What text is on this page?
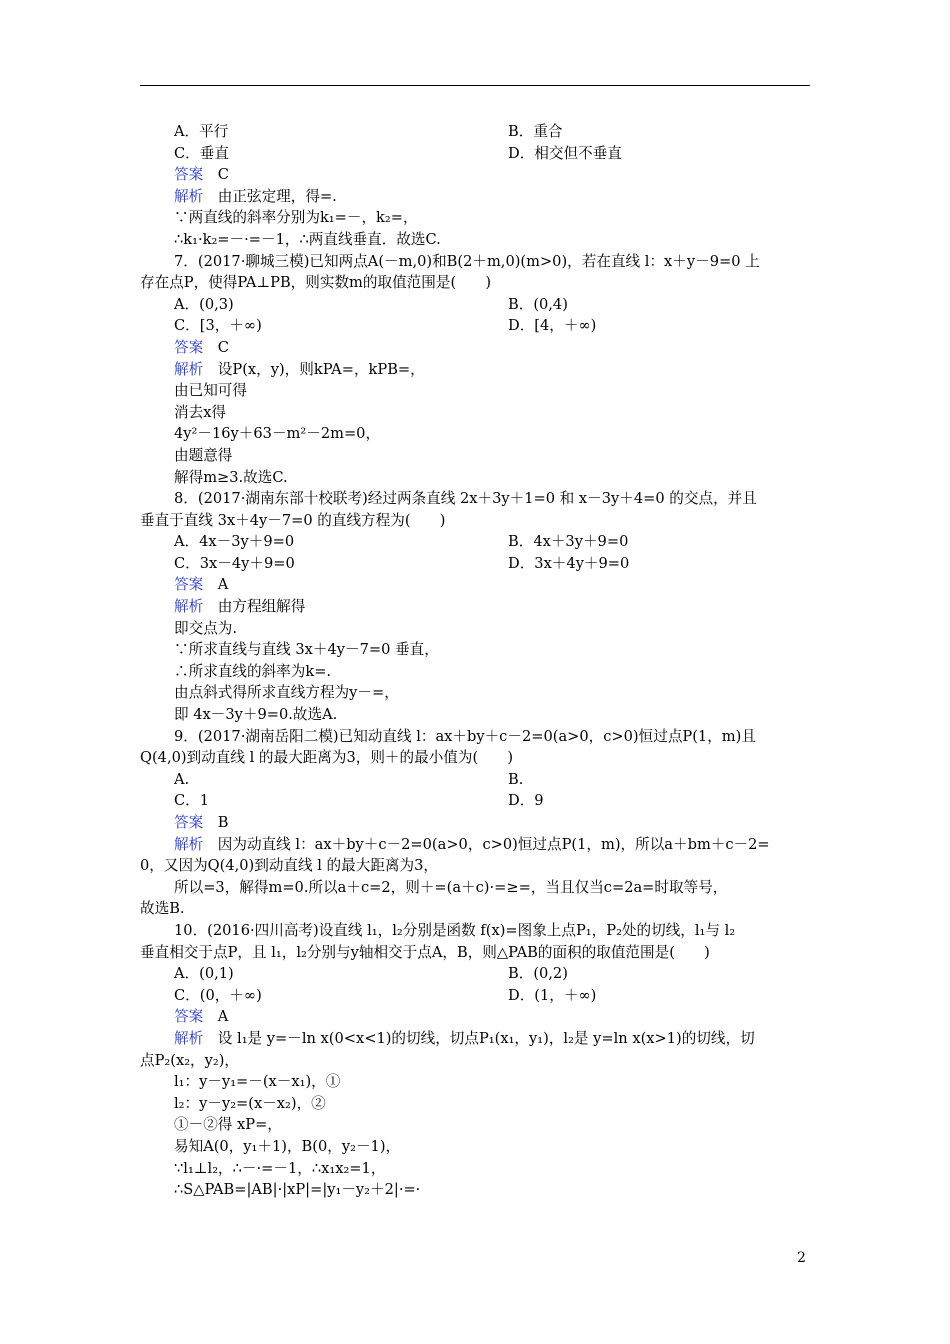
A．平行	B．重合
C．垂直	D．相交但不垂直
答案　C
解析　由正弦定理，得=.
∵两直线的斜率分别为k₁=－，k₂=，
∴k₁·k₂=－·=－1，∴两直线垂直．故选C.
7．(2017·聊城三模)已知两点A(－m,0)和B(2＋m,0)(m>0)，若在直线 l：x＋y－9=0 上
存在点P，使得PA⊥PB，则实数m的取值范围是(　　)
A．(0,3)	B．(0,4)
C．[3，＋∞)	D．[4，＋∞)
答案　C
解析　设P(x，y)，则kPA=，kPB=，
由已知可得
消去x得
4y²－16y＋63－m²－2m=0，
由题意得
解得m≥3.故选C.
8．(2017·湖南东部十校联考)经过两条直线 2x＋3y＋1=0 和 x－3y＋4=0 的交点，并且
垂直于直线 3x＋4y－7=0 的直线方程为(　　)
A．4x－3y＋9=0	B．4x＋3y＋9=0
C．3x－4y＋9=0	D．3x＋4y＋9=0
答案　A
解析　由方程组解得
即交点为.
∵所求直线与直线 3x＋4y－7=0 垂直，
∴所求直线的斜率为k=.
由点斜式得所求直线方程为y－=，
即 4x－3y＋9=0.故选A.
9．(2017·湖南岳阳二模)已知动直线 l：ax＋by＋c－2=0(a>0，c>0)恒过点P(1，m)且
Q(4,0)到动直线 l 的最大距离为3，则＋的最小值为(　　)
A.	B.
C．1	D．9
答案　B
解析　因为动直线 l：ax＋by＋c－2=0(a>0，c>0)恒过点P(1，m)，所以a＋bm＋c－2=
0，又因为Q(4,0)到动直线 l 的最大距离为3，
所以=3，解得m=0.所以a＋c=2，则＋=(a＋c)·=≥=，当且仅当c=2a=时取等号，
故选B.
10．(2016·四川高考)设直线 l₁，l₂分别是函数 f(x)=图象上点P₁，P₂处的切线，l₁与 l₂
垂直相交于点P，且 l₁，l₂分别与y轴相交于点A，B，则△PAB的面积的取值范围是(　　)
A．(0,1)	B．(0,2)
C．(0，＋∞)	D．(1，＋∞)
答案　A
解析　设 l₁是 y=－ln x(0<x<1)的切线，切点P₁(x₁，y₁)，l₂是 y=ln x(x>1)的切线，切
点P₂(x₂，y₂)，
l₁：y－y₁=－(x－x₁)，①
l₂：y－y₂=(x－x₂)，②
①－②得 xP=，
易知A(0，y₁＋1)，B(0，y₂－1)，
∵l₁⊥l₂，∴－·=－1，∴x₁x₂=1，
∴S△PAB=|AB|·|xP|=|y₁－y₂＋2|·=·
2
